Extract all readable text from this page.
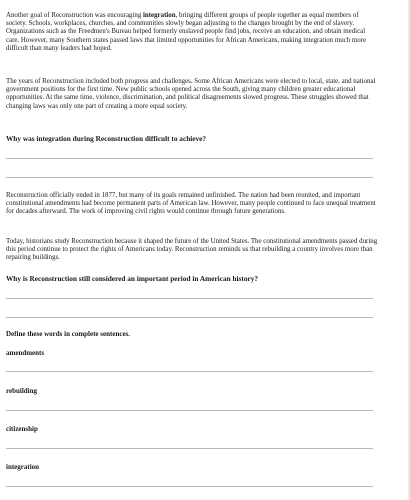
Another goal of Reconstruction was encouraging integration, bringing different groups of people together as equal members of society. Schools, workplaces, churches, and communities slowly began adjusting to the changes brought by the end of slavery. Organizations such as the Freedmen's Bureau helped formerly enslaved people find jobs, receive an education, and obtain medical care. However, many Southern states passed laws that limited opportunities for African Americans, making integration much more difficult than many leaders had hoped.

The years of Reconstruction included both progress and challenges. Some African Americans were elected to local, state, and national government positions for the first time. New public schools opened across the South, giving many children greater educational opportunities. At the same time, violence, discrimination, and political disagreements slowed progress. These struggles showed that changing laws was only one part of creating a more equal society.

Why was integration during Reconstruction difficult to achieve?

Reconstruction officially ended in 1877, but many of its goals remained unfinished. The nation had been reunited, and important constitutional amendments had become permanent parts of American law. However, many people continued to face unequal treatment for decades afterward. The work of improving civil rights would continue through future generations.

Today, historians study Reconstruction because it shaped the future of the United States. The constitutional amendments passed during this period continue to protect the rights of Americans today. Reconstruction reminds us that rebuilding a country involves more than repairing buildings.

Why is Reconstruction still considered an important period in American history?

Define these words in complete sentences.

amendments

rebuilding

citizenship

integration
